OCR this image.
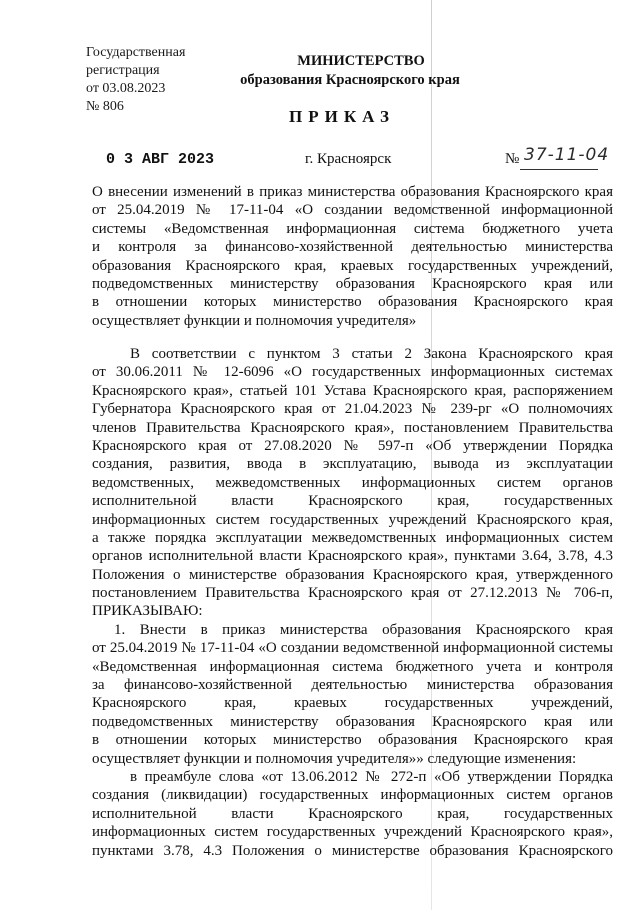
Государственная
регистрация
от 03.08.2023
№ 806
МИНИСТЕРСТВО
образования Красноярского края
ПРИКАЗ
0 3 АВГ 2023	г. Красноярск	№ 37-11-04
О внесении изменений в приказ министерства образования Красноярского края
от 25.04.2019 № 17-11-04 «О создании ведомственной информационной
системы «Ведомственная информационная система бюджетного учета
и контроля за финансово-хозяйственной деятельностью министерства
образования Красноярского края, краевых государственных учреждений,
подведомственных министерству образования Красноярского края или
в отношении которых министерство образования Красноярского края
осуществляет функции и полномочия учредителя»
В соответствии с пунктом 3 статьи 2 Закона Красноярского края
от 30.06.2011 № 12-6096 «О государственных информационных системах
Красноярского края», статьей 101 Устава Красноярского края, распоряжением
Губернатора Красноярского края от 21.04.2023 № 239-рг «О полномочиях
членов Правительства Красноярского края», постановлением Правительства
Красноярского края от 27.08.2020 № 597-п «Об утверждении Порядка
создания, развития, ввода в эксплуатацию, вывода из эксплуатации
ведомственных, межведомственных информационных систем органов
исполнительной власти Красноярского края, государственных
информационных систем государственных учреждений Красноярского края,
а также порядка эксплуатации межведомственных информационных систем
органов исполнительной власти Красноярского края», пунктами 3.64, 3.78, 4.3
Положения о министерстве образования Красноярского края, утвержденного
постановлением Правительства Красноярского края от 27.12.2013 № 706-п,
ПРИКАЗЫВАЮ:
1. Внести в приказ министерства образования Красноярского края
от 25.04.2019 № 17-11-04 «О создании ведомственной информационной системы
«Ведомственная информационная система бюджетного учета и контроля
за финансово-хозяйственной деятельностью министерства образования
Красноярского края, краевых государственных учреждений,
подведомственных министерству образования Красноярского края или
в отношении которых министерство образования Красноярского края
осуществляет функции и полномочия учредителя»» следующие изменения:
в преамбуле слова «от 13.06.2012 № 272-п «Об утверждении Порядка
создания (ликвидации) государственных информационных систем органов
исполнительной власти Красноярского края, государственных
информационных систем государственных учреждений Красноярского края»,
пунктами 3.78, 4.3 Положения о министерстве образования Красноярского
